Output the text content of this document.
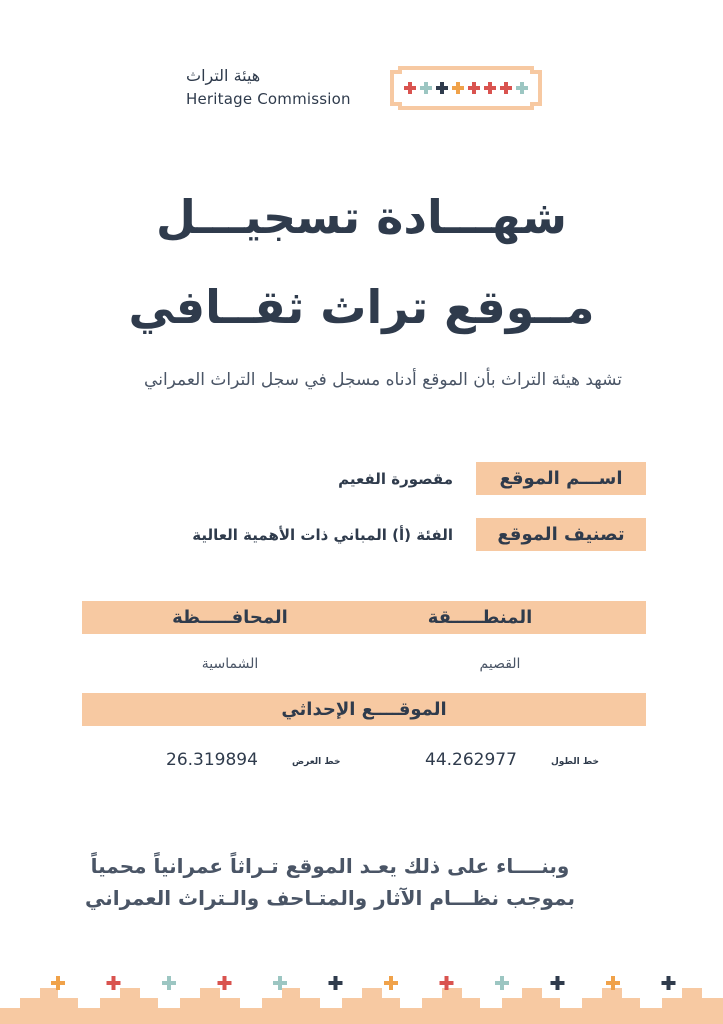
هيئة التراث
Heritage Commission
شهـــادة تسجيـــل
مــوقع تراث ثقــافي
تشهد هيئة التراث بأن الموقع أدناه مسجل في سجل التراث العمراني
اســـم الموقع
مقصورة الفعيم
تصنيف الموقع
الفئة (أ) المباني ذات الأهمية العالية
المنطـــــقة
المحافـــــظة
القصيم
الشماسية
الموقــــع الإحداثي
خط الطول
44.262977
خط العرض
26.319894
وبنــــاء على ذلك يعـد الموقع تـراثاً عمرانياً محمياً
بموجب نظـــام الآثار والمتـاحف والـتراث العمراني
